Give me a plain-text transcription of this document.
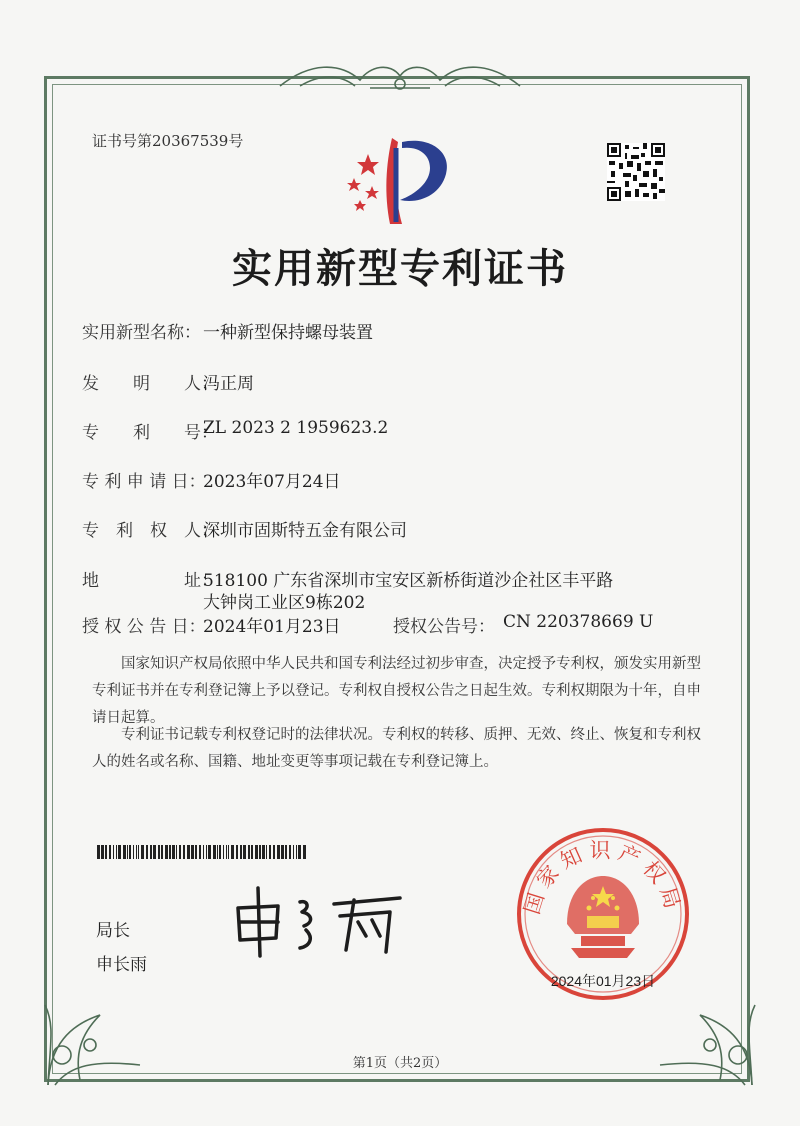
证书号第20367539号
实用新型专利证书
实用新型名称： 一种新型保持螺母装置
发　　明　　人：
冯正周
专　　利　　号：
ZL 2023 2 1959623.2
专 利 申 请 日：
2023年07月24日
专　利　权　人：
深圳市固斯特五金有限公司
地　　　　　址：
518100 广东省深圳市宝安区新桥街道沙企社区丰平路
大钟岗工业区9栋202
授 权 公 告 日：
2024年01月23日	授权公告号： CN 220378669 U

国家知识产权局依照中华人民共和国专利法经过初步审查，决定授予专利权，颁发实用新型专利证书并在专利登记簿上予以登记。专利权自授权公告之日起生效。专利权期限为十年，自申请日起算。

专利证书记载专利权登记时的法律状况。专利权的转移、质押、无效、终止、恢复和专利权人的姓名或名称、国籍、地址变更等事项记载在专利登记簿上。

局长
申长雨
2024年01月23日
国家知识产权局
第1页（共2页）
